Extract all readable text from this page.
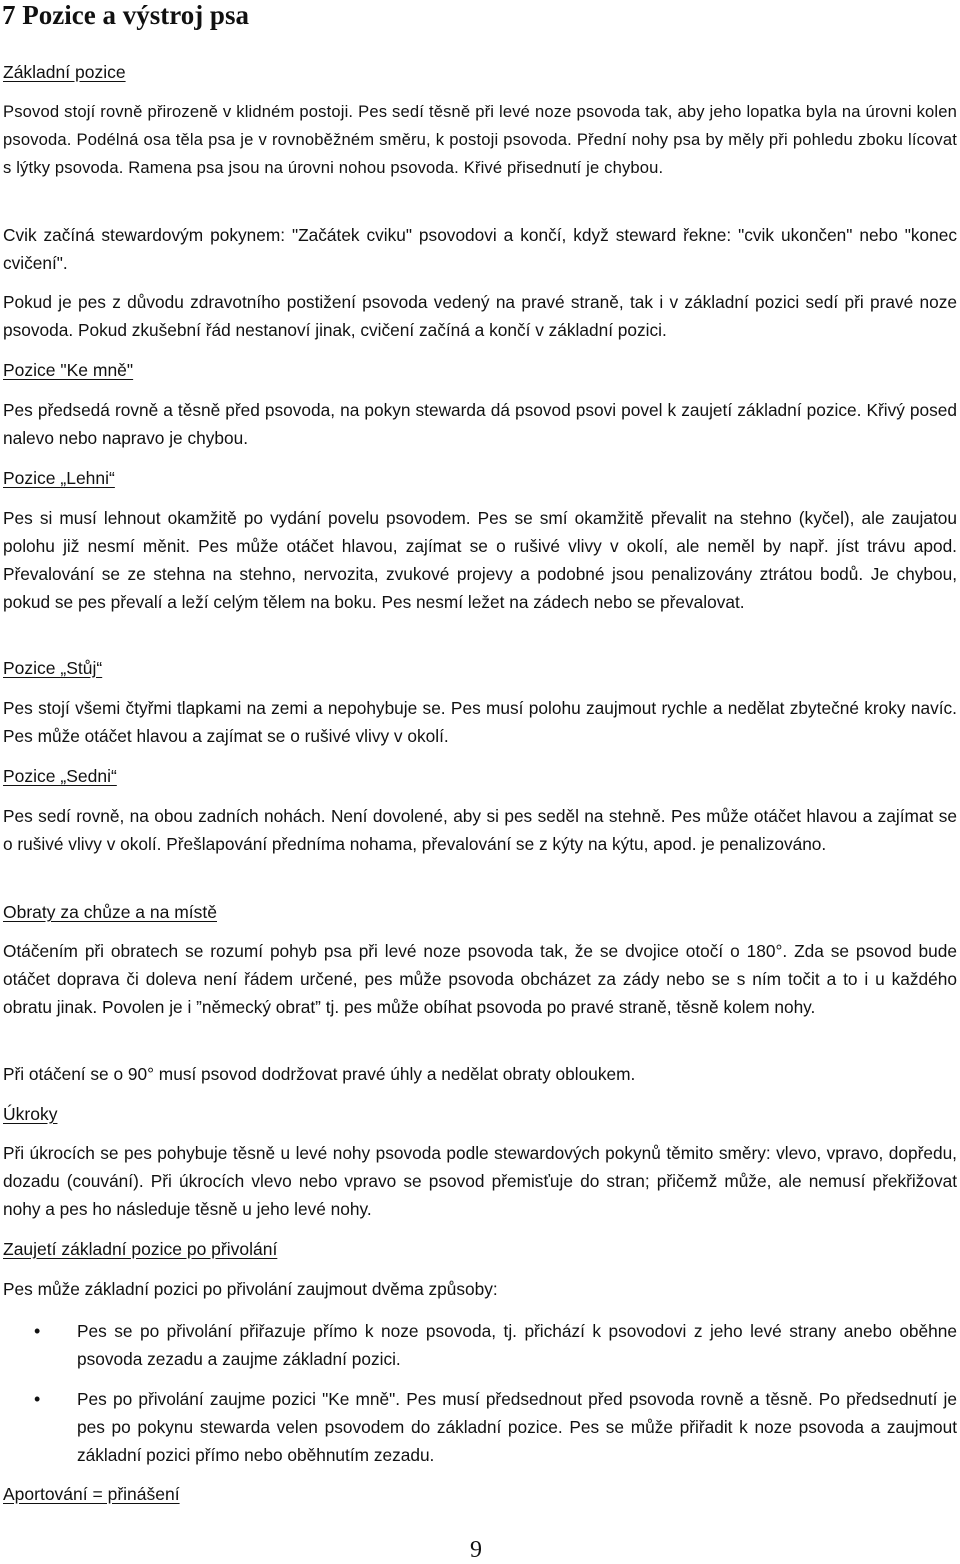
7 Pozice a výstroj psa

Základní pozice

Psovod stojí rovně přirozeně v klidném postoji. Pes sedí těsně při levé noze psovoda tak, aby jeho lopatka byla na úrovni kolen psovoda. Podélná osa těla psa je v rovnoběžném směru, k postoji psovoda. Přední nohy psa by měly při pohledu zboku lícovat s lýtky psovoda. Ramena psa jsou na úrovni nohou psovoda. Křivé přisednutí je chybou.

Cvik začíná stewardovým pokynem: "Začátek cviku" psovodovi a končí, když steward řekne: "cvik ukončen" nebo "konec cvičení".

Pokud je pes z důvodu zdravotního postižení psovoda vedený na pravé straně, tak i v základní pozici sedí při pravé noze psovoda. Pokud zkušební řád nestanoví jinak, cvičení začíná a končí v základní pozici.

Pozice "Ke mně"

Pes předsedá rovně a těsně před psovoda, na pokyn stewarda dá psovod psovi povel k zaujetí základní pozice. Křivý posed nalevo nebo napravo je chybou.

Pozice „Lehni“

Pes si musí lehnout okamžitě po vydání povelu psovodem. Pes se smí okamžitě převalit na stehno (kyčel), ale zaujatou polohu již nesmí měnit. Pes může otáčet hlavou, zajímat se o rušivé vlivy v okolí, ale neměl by např. jíst trávu apod. Převalování se ze stehna na stehno, nervozita, zvukové projevy a podobné jsou penalizovány ztrátou bodů. Je chybou, pokud se pes převalí a leží celým tělem na boku. Pes nesmí ležet na zádech nebo se převalovat.

Pozice „Stůj“

Pes stojí všemi čtyřmi tlapkami na zemi a nepohybuje se. Pes musí polohu zaujmout rychle a nedělat zbytečné kroky navíc. Pes může otáčet hlavou a zajímat se o rušivé vlivy v okolí.

Pozice „Sedni“

Pes sedí rovně, na obou zadních nohách. Není dovolené, aby si pes seděl na stehně. Pes může otáčet hlavou a zajímat se o rušivé vlivy v okolí. Přešlapování předníma nohama, převalování se z kýty na kýtu, apod. je penalizováno.

Obraty za chůze a na místě

Otáčením při obratech se rozumí pohyb psa při levé noze psovoda tak, že se dvojice otočí o 180°. Zda se psovod bude otáčet doprava či doleva není řádem určené, pes může psovoda obcházet za zády nebo se s ním točit a to i u každého obratu jinak. Povolen je i ”německý obrat” tj. pes může obíhat psovoda po pravé straně, těsně kolem nohy.

Při otáčení se o 90° musí psovod dodržovat pravé úhly a nedělat obraty obloukem.

Úkroky

Při úkrocích se pes pohybuje těsně u levé nohy psovoda podle stewardových pokynů těmito směry: vlevo, vpravo, dopředu, dozadu (couvání). Při úkrocích vlevo nebo vpravo se psovod přemisťuje do stran; přičemž může, ale nemusí překřižovat nohy a pes ho následuje těsně u jeho levé nohy.

Zaujetí základní pozice po přivolání

Pes může základní pozici po přivolání zaujmout dvěma způsoby:

• Pes se po přivolání přiřazuje přímo k noze psovoda, tj. přichází k psovodovi z jeho levé strany anebo oběhne psovoda zezadu a zaujme základní pozici.

• Pes po přivolání zaujme pozici "Ke mně". Pes musí předsednout před psovoda rovně a těsně. Po předsednutí je pes po pokynu stewarda velen psovodem do základní pozice. Pes se může přiřadit k noze psovoda a zaujmout základní pozici přímo nebo oběhnutím zezadu.

Aportování = přinášení

9
